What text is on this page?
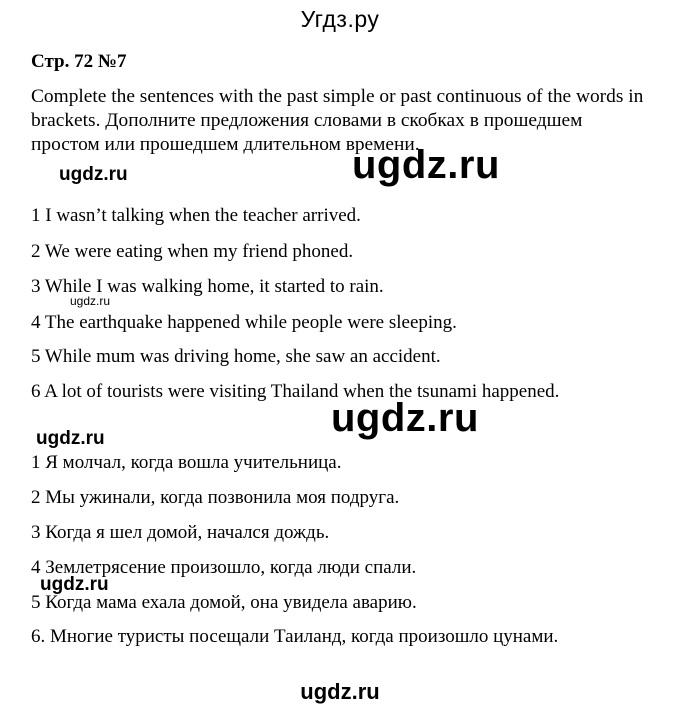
Угдз.ру
Стр. 72 №7
Complete the sentences with the past simple or past continuous of the words in brackets. Дополните предложения словами в скобках в прошедшем простом или прошедшем длительном времени.
ugdz.ru
ugdz.ru
1 I wasn’t talking when the teacher arrived.
2 We were eating when my friend phoned.
3 While I was walking home, it started to rain.
ugdz.ru
4 The earthquake happened while people were sleeping.
5 While mum was driving home, she saw an accident.
6 A lot of tourists were visiting Thailand when the tsunami happened.
ugdz.ru
ugdz.ru
1 Я молчал, когда вошла учительница.
2 Мы ужинали, когда позвонила моя подруга.
3 Когда я шел домой, начался дождь.
4 Землетрясение произошло, когда люди спали.
ugdz.ru
5 Когда мама ехала домой, она увидела аварию.
6. Многие туристы посещали Таиланд, когда произошло цунами.
ugdz.ru
